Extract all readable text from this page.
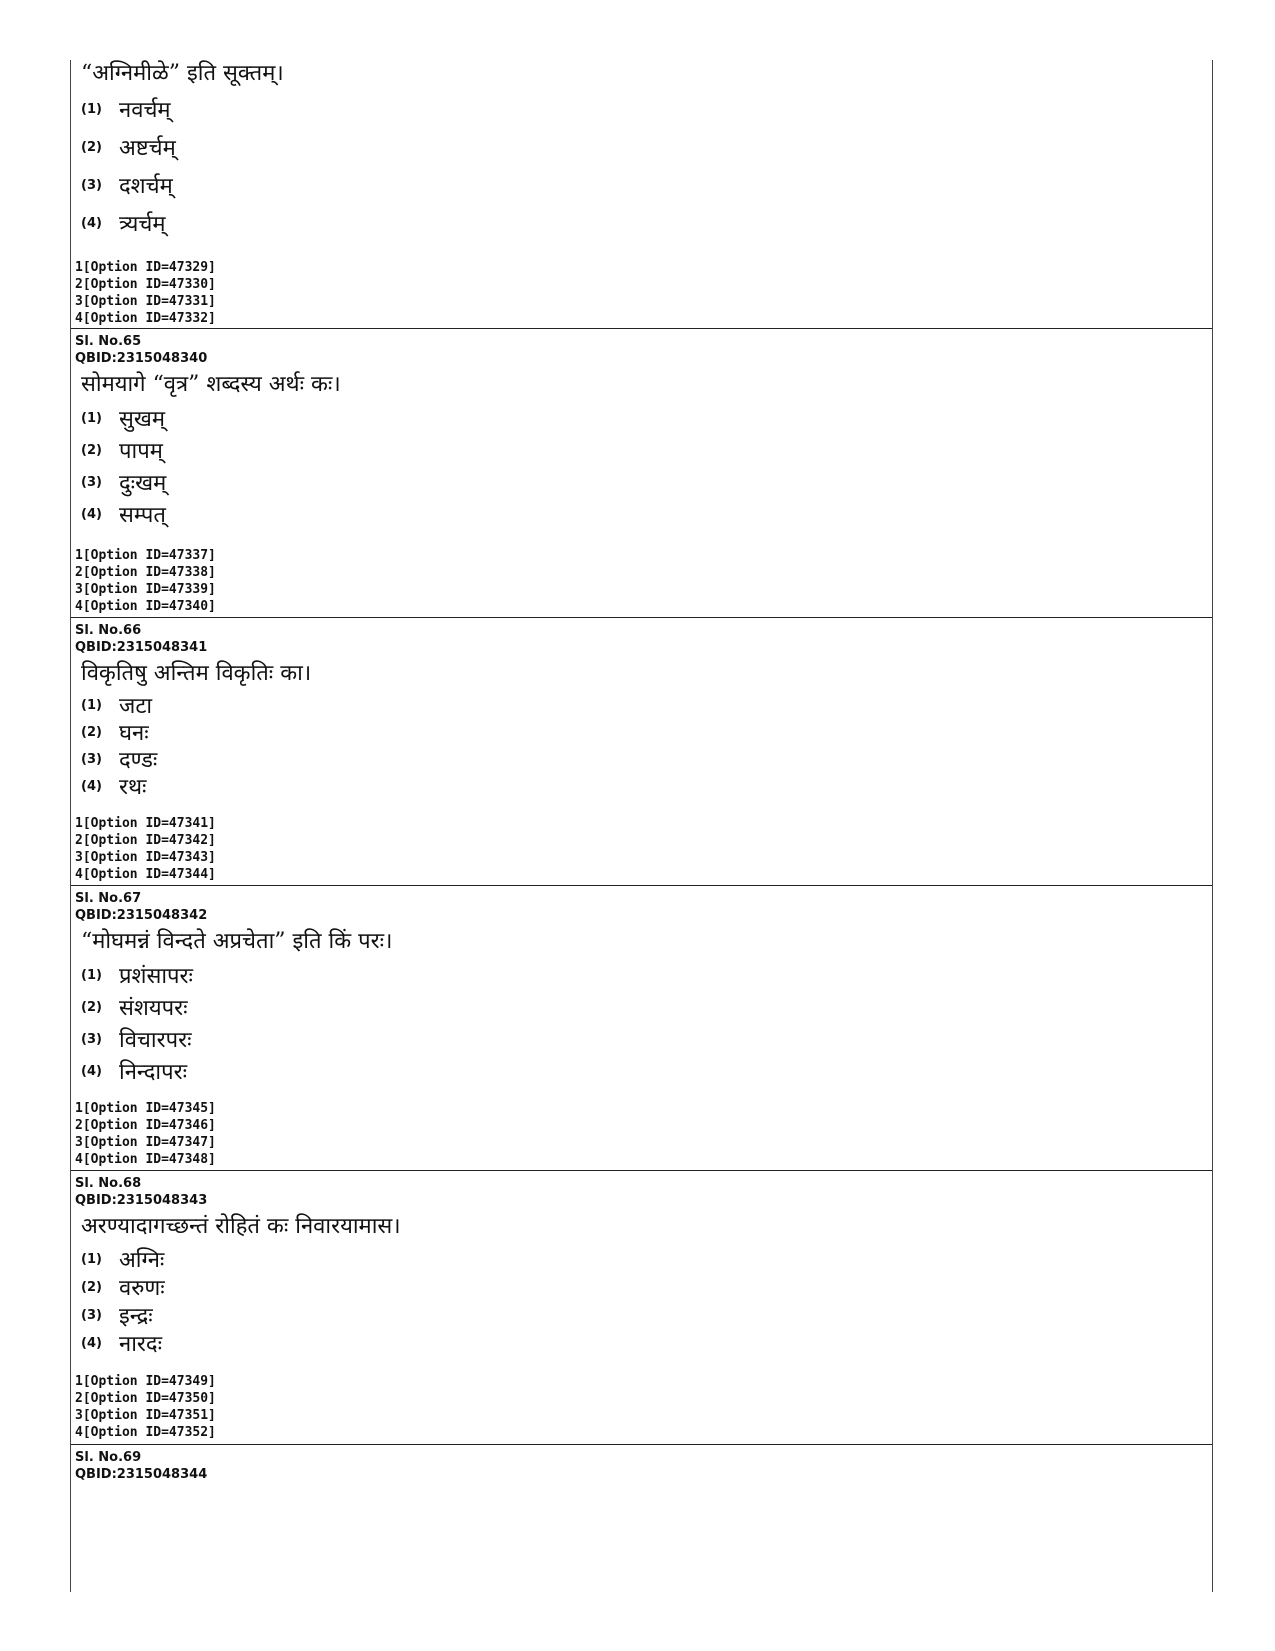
“अग्निमीळे” इति सूक्तम्।
(1) नवर्चम्
(2) अष्टर्चम्
(3) दशर्चम्
(4) त्र्यर्चम्
1[Option ID=47329]
2[Option ID=47330]
3[Option ID=47331]
4[Option ID=47332]
Sl. No.65
QBID:2315048340
सोमयागे “वृत्र” शब्दस्य अर्थः कः।
(1) सुखम्
(2) पापम्
(3) दुःखम्
(4) सम्पत्
1[Option ID=47337]
2[Option ID=47338]
3[Option ID=47339]
4[Option ID=47340]
Sl. No.66
QBID:2315048341
विकृतिषु अन्तिम विकृतिः का।
(1) जटा
(2) घनः
(3) दण्डः
(4) रथः
1[Option ID=47341]
2[Option ID=47342]
3[Option ID=47343]
4[Option ID=47344]
Sl. No.67
QBID:2315048342
“मोघमन्नं विन्दते अप्रचेता” इति किं परः।
(1) प्रशंसापरः
(2) संशयपरः
(3) विचारपरः
(4) निन्दापरः
1[Option ID=47345]
2[Option ID=47346]
3[Option ID=47347]
4[Option ID=47348]
Sl. No.68
QBID:2315048343
अरण्यादागच्छन्तं रोहितं कः निवारयामास।
(1) अग्निः
(2) वरुणः
(3) इन्द्रः
(4) नारदः
1[Option ID=47349]
2[Option ID=47350]
3[Option ID=47351]
4[Option ID=47352]
Sl. No.69
QBID:2315048344
